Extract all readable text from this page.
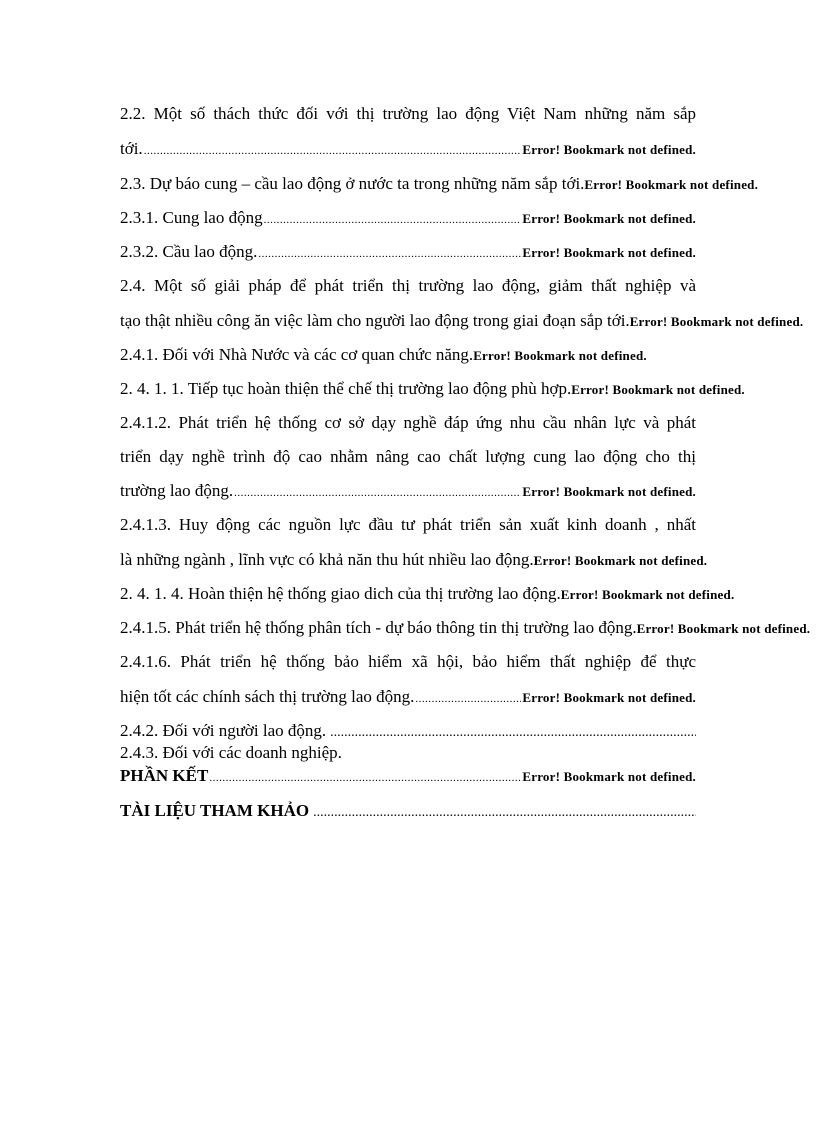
2.2. Một số thách thức đối với thị trường lao động Việt Nam những năm sắp
tới. .....	Error! Bookmark not defined.
2.3. Dự báo cung – cầu lao động ở nước ta trong những năm sắp tới. Error! Bookmark not defined.
2.3.1. Cung lao động .....	Error! Bookmark not defined.
2.3.2. Cầu lao động. .....	Error! Bookmark not defined.
2.4. Một số giải pháp để phát triển thị trường lao động, giảm thất nghiệp và
tạo thật nhiều công ăn việc làm cho người lao động trong giai đoạn sắp tới. Error! Bookmark not defined.
2.4.1. Đối với Nhà Nước và các cơ quan chức năng. Error! Bookmark not defined.
2. 4. 1. 1. Tiếp tục hoàn thiện thể chế thị trường lao động phù hợp. Error! Bookmark not defined.
2.4.1.2. Phát triển hệ thống cơ sở dạy nghề đáp ứng nhu cầu nhân lực và phát
triển dạy nghề trình độ cao nhằm nâng cao chất lượng cung lao động cho thị
trường lao động. .....	Error! Bookmark not defined.
2.4.1.3. Huy động các nguồn lực đầu tư phát triển sản xuất kinh doanh , nhất
là những ngành , lĩnh vực có khả năn thu hút nhiều lao động. Error! Bookmark not defined.
2. 4. 1. 4. Hoàn thiện hệ thống giao dich của thị trường lao động. Error! Bookmark not defined.
2.4.1.5. Phát triển hệ thống phân tích - dự báo thông tin thị trường lao động. Error! Bookmark not defined.
2.4.1.6. Phát triển hệ thống bảo hiểm xã hội, bảo hiểm thất nghiệp để thực
hiện tốt các chính sách thị trường lao động. .....	Error! Bookmark not defined.
2.4.2. Đối với người lao động.
.....
2.4.3. Đối với các doanh nghiệp.
PHẦN KẾT .....	Error! Bookmark not defined.
TÀI LIỆU THAM KHẢO
.....
